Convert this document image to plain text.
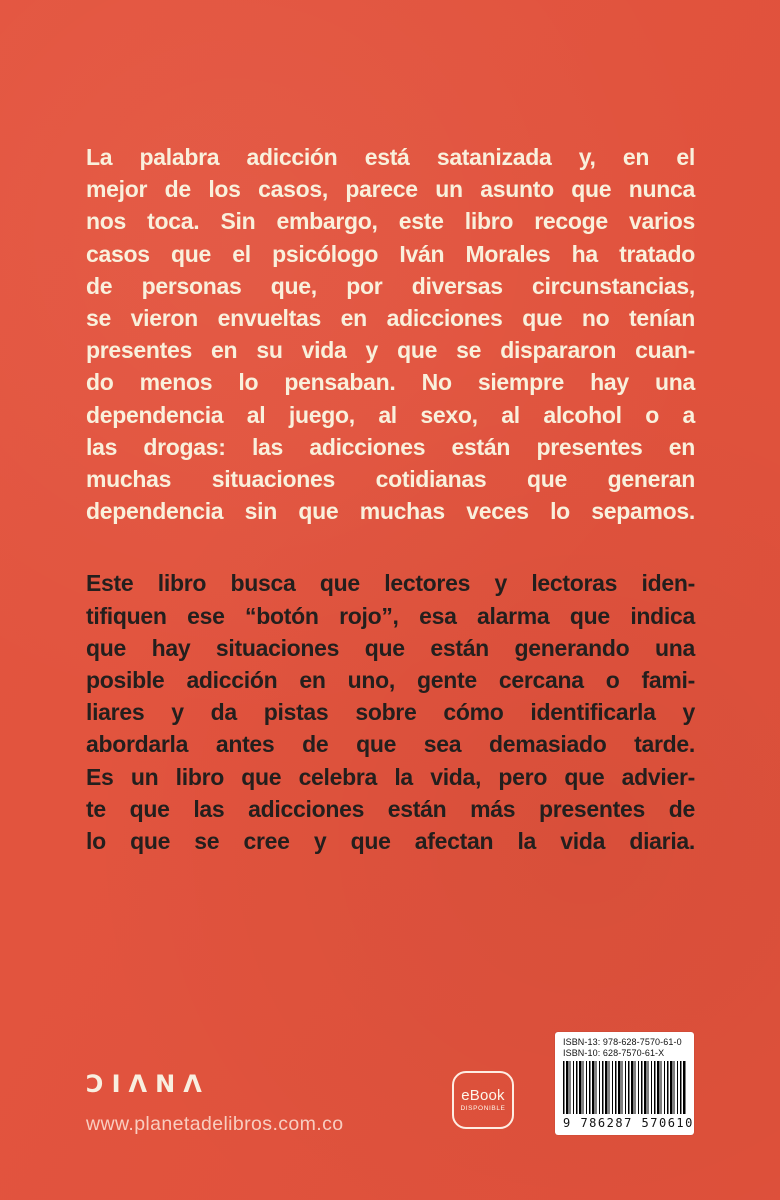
La palabra adicción está satanizada y, en el
mejor de los casos, parece un asunto que nunca
nos toca. Sin embargo, este libro recoge varios
casos que el psicólogo Iván Morales ha tratado
de personas que, por diversas circunstancias,
se vieron envueltas en adicciones que no tenían
presentes en su vida y que se dispararon cuan-
do menos lo pensaban. No siempre hay una
dependencia al juego, al sexo, al alcohol o a
las drogas: las adicciones están presentes en
muchas situaciones cotidianas que generan
dependencia sin que muchas veces lo sepamos.
Este libro busca que lectores y lectoras iden-
tifiquen ese “botón rojo”, esa alarma que indica
que hay situaciones que están generando una
posible adicción en uno, gente cercana o fami-
liares y da pistas sobre cómo identificarla y
abordarla antes de que sea demasiado tarde.
Es un libro que celebra la vida, pero que advier-
te que las adicciones están más presentes de
lo que se cree y que afectan la vida diaria.
ƆIΛNΛ
www.planetadelibros.com.co
eBook
DISPONIBLE
ISBN-13: 978-628-7570-61-0
ISBN-10: 628-7570-61-X
9 786287 570610
